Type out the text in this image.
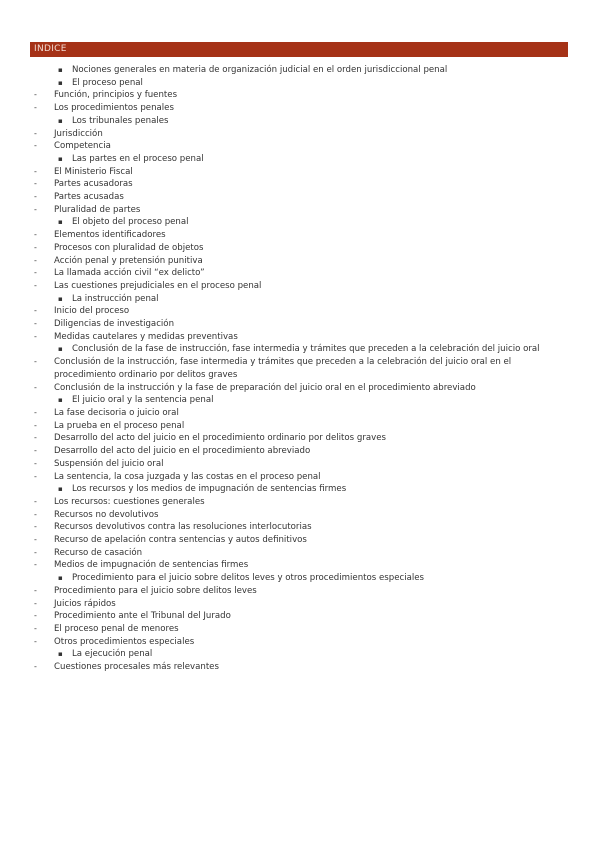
INDICE
▪ Nociones generales en materia de organización judicial en el orden jurisdiccional penal
▪ El proceso penal
- Función, principios y fuentes
- Los procedimientos penales
▪ Los tribunales penales
- Jurisdicción
- Competencia
▪ Las partes en el proceso penal
- El Ministerio Fiscal
- Partes acusadoras
- Partes acusadas
- Pluralidad de partes
▪ El objeto del proceso penal
- Elementos identificadores
- Procesos con pluralidad de objetos
- Acción penal y pretensión punitiva
- La llamada acción civil “ex delicto”
- Las cuestiones prejudiciales en el proceso penal
▪ La instrucción penal
- Inicio del proceso
- Diligencias de investigación
- Medidas cautelares y medidas preventivas
▪ Conclusión de la fase de instrucción, fase intermedia y trámites que preceden a la celebración del juicio oral
- Conclusión de la instrucción, fase intermedia y trámites que preceden a la celebración del juicio oral en el procedimiento ordinario por delitos graves
- Conclusión de la instrucción y la fase de preparación del juicio oral en el procedimiento abreviado
▪ El juicio oral y la sentencia penal
- La fase decisoria o juicio oral
- La prueba en el proceso penal
- Desarrollo del acto del juicio en el procedimiento ordinario por delitos graves
- Desarrollo del acto del juicio en el procedimiento abreviado
- Suspensión del juicio oral
- La sentencia, la cosa juzgada y las costas en el proceso penal
▪ Los recursos y los medios de impugnación de sentencias firmes
- Los recursos: cuestiones generales
- Recursos no devolutivos
- Recursos devolutivos contra las resoluciones interlocutorias
- Recurso de apelación contra sentencias y autos definitivos
- Recurso de casación
- Medios de impugnación de sentencias firmes
▪ Procedimiento para el juicio sobre delitos leves y otros procedimientos especiales
- Procedimiento para el juicio sobre delitos leves
- Juicios rápidos
- Procedimiento ante el Tribunal del Jurado
- El proceso penal de menores
- Otros procedimientos especiales
▪ La ejecución penal
- Cuestiones procesales más relevantes
